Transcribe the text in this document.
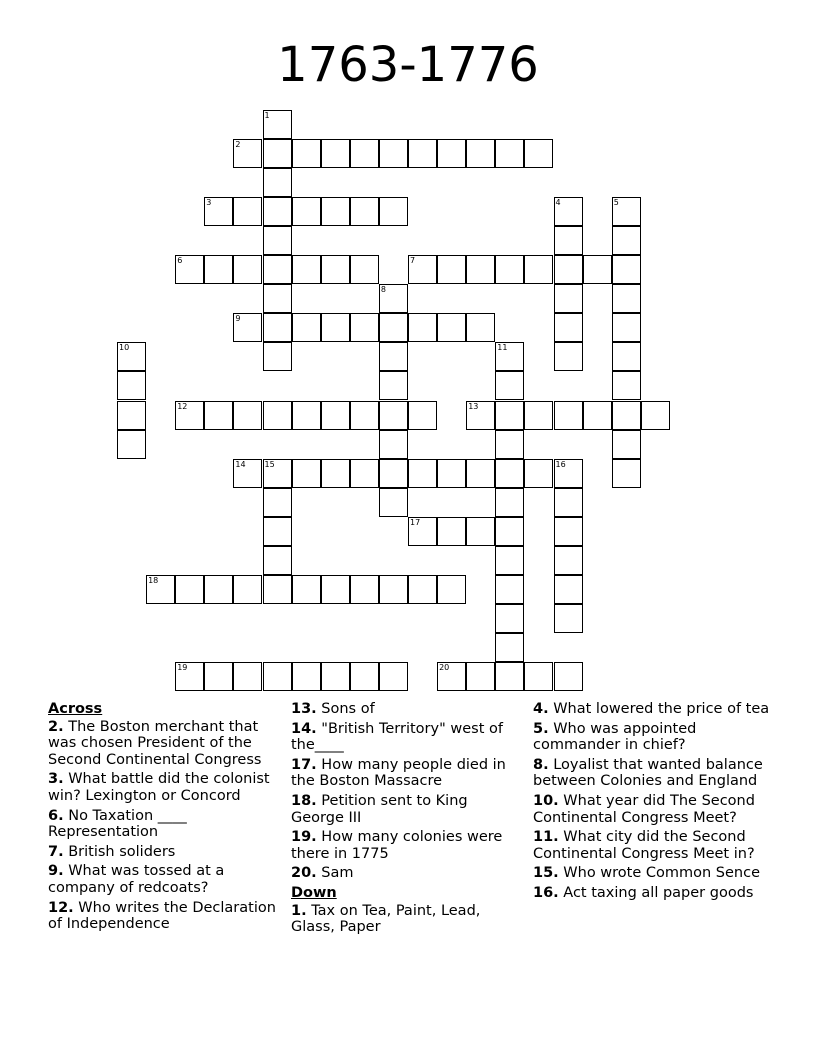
1763-1776
1
2
3	4	5
6	7
8
9
10	11
12	13
14 15	16
17
18
19	20
Across
2. The Boston merchant that was chosen President of the Second Continental Congress
3. What battle did the colonist win? Lexington or Concord
6. No Taxation ____ Representation
7. British soliders
9. What was tossed at a company of redcoats?
12. Who writes the Declaration of Independence
13. Sons of
14. "British Territory" west of the____
17. How many people died in the Boston Massacre
18. Petition sent to King George III
19. How many colonies were there in 1775
20. Sam
Down
1. Tax on Tea, Paint, Lead, Glass, Paper
4. What lowered the price of tea
5. Who was appointed commander in chief?
8. Loyalist that wanted balance between Colonies and England
10. What year did The Second Continental Congress Meet?
11. What city did the Second Continental Congress Meet in?
15. Who wrote Common Sence
16. Act taxing all paper goods
